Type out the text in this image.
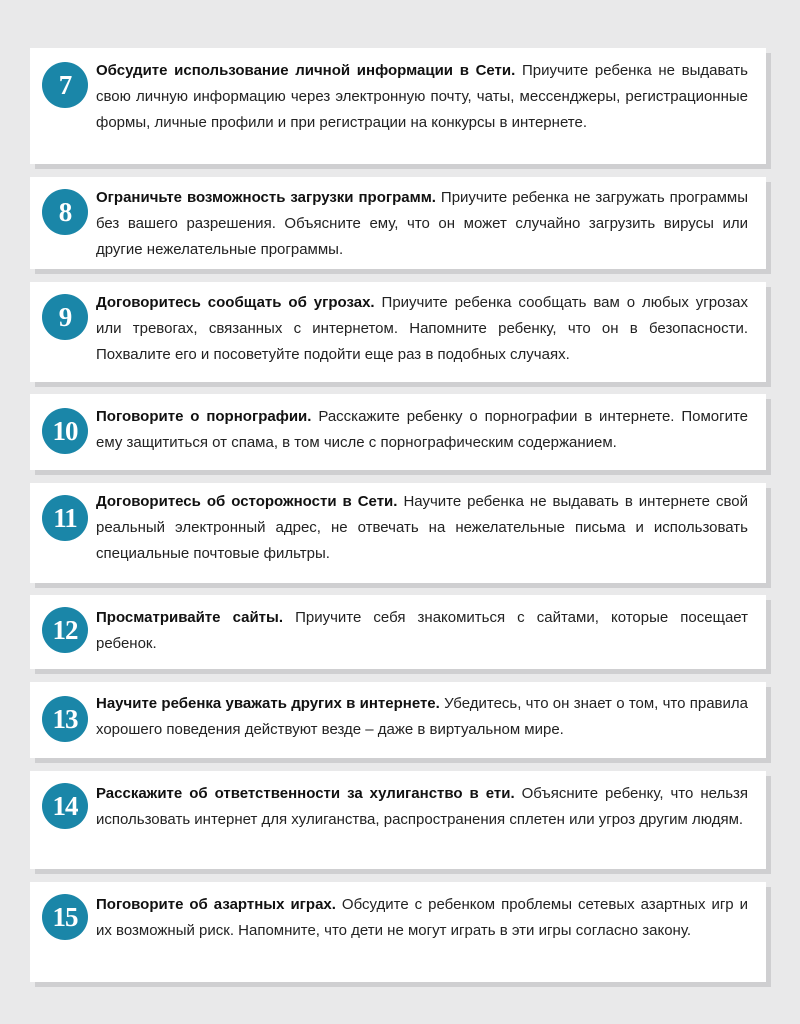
7	Обсудите использование личной информации в Сети. Приучите ребенка не выдавать свою личную информацию через электронную почту, чаты, мессенджеры, регистрационные формы, личные профили и при регистрации на конкурсы в интернете.
8	Ограничьте возможность загрузки программ. Приучите ребенка не загружать программы без вашего разрешения. Объясните ему, что он может случайно загрузить вирусы или другие нежелательные программы.
9	Договоритесь сообщать об угрозах. Приучите ребенка сообщать вам о любых угрозах или тревогах, связанных с интернетом. Напомните ребенку, что он в безопасности. Похвалите его и посоветуйте подойти еще раз в подобных случаях.
10	Поговорите о порнографии. Расскажите ребенку о порнографии в интернете. Помогите ему защититься от спама, в том числе с порнографическим содержанием.
11
Договоритесь об осторожности в Сети. Научите ребенка не выдавать в интернете свой реальный электронный адрес, не отвечать на нежелательные письма и использовать специальные почтовые фильтры.
12	Просматривайте сайты. Приучите себя знакомиться с сайтами, которые посещает ребенок.
13	Научите ребенка уважать других в интернете. Убедитесь, что он знает о том, что правила хорошего поведения действуют везде – даже в виртуальном мире.
14	Расскажите об ответственности за хулиганство в ети. Объясните ребенку, что нельзя использовать интернет для хулиганства, распространения сплетен или угроз другим людям.
15	Поговорите об азартных играх. Обсудите с ребенком проблемы сетевых азартных игр и их возможный риск. Напомните, что дети не могут играть в эти игры согласно закону.
